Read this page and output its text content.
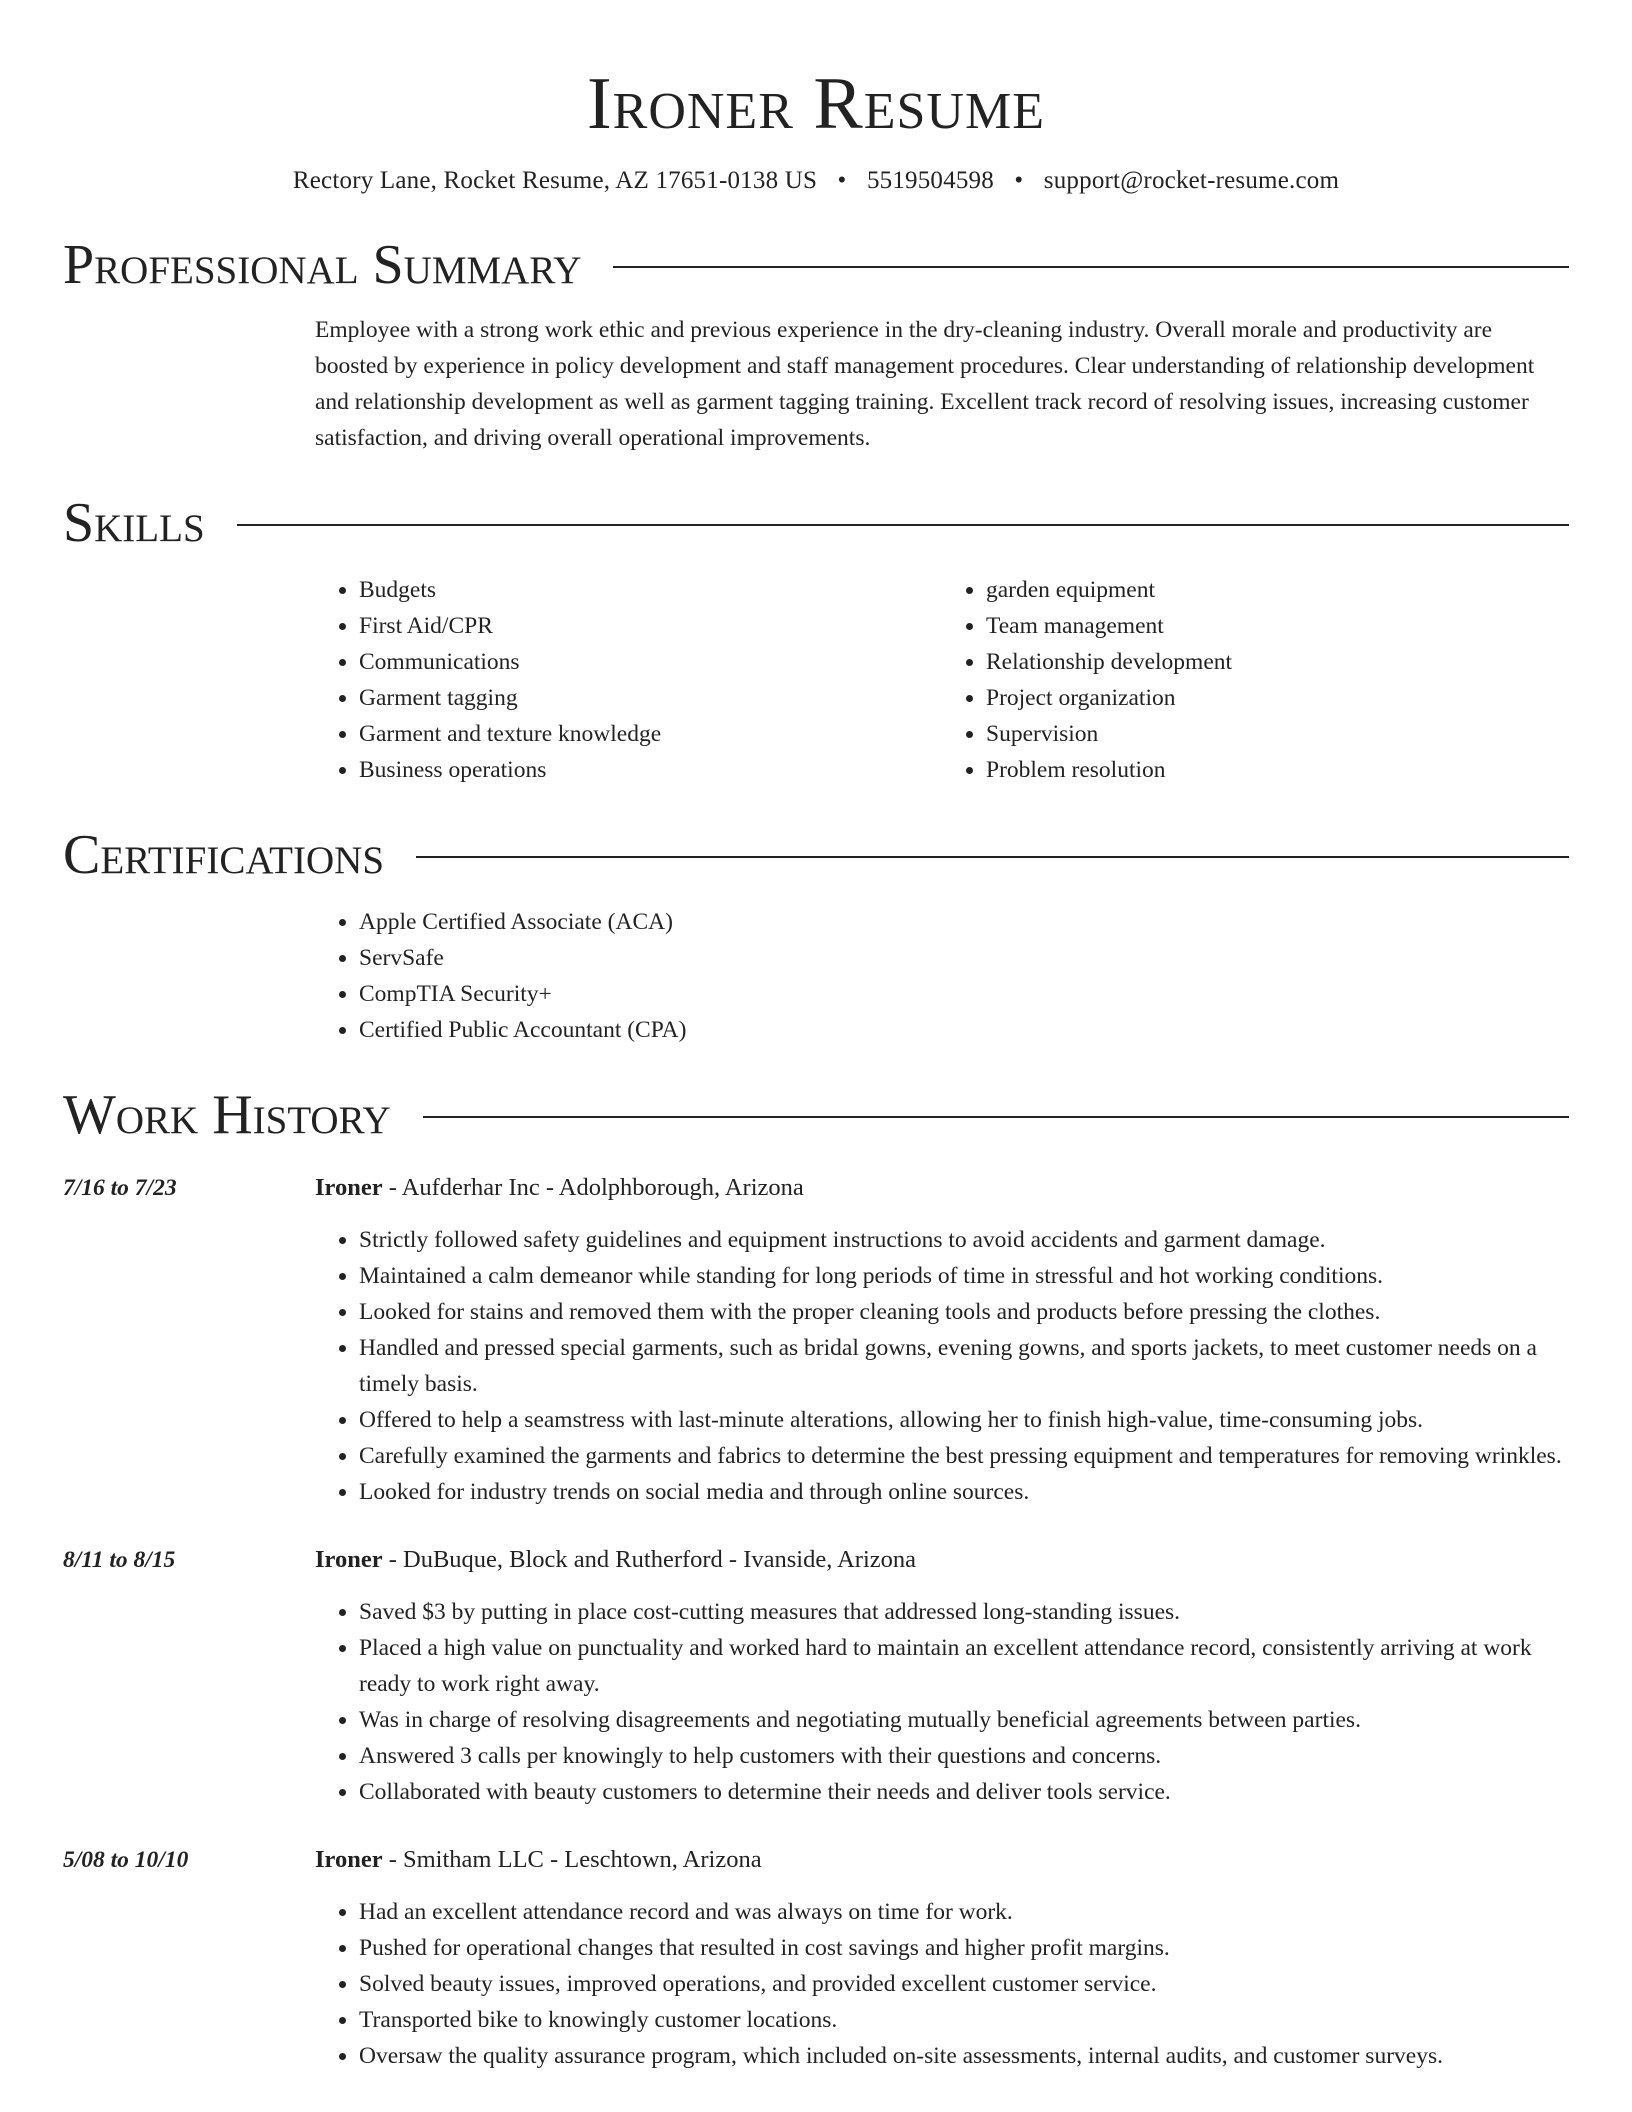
Ironer Resume
Rectory Lane, Rocket Resume, AZ 17651-0138 US • 5519504598 • support@rocket-resume.com
Professional Summary

Employee with a strong work ethic and previous experience in the dry-cleaning industry. Overall morale and productivity are boosted by experience in policy development and staff management procedures. Clear understanding of relationship development and relationship development as well as garment tagging training. Excellent track record of resolving issues, increasing customer satisfaction, and driving overall operational improvements.

Skills
• Budgets
• First Aid/CPR
• Communications
• Garment tagging
• Garment and texture knowledge
• Business operations
• garden equipment
• Team management
• Relationship development
• Project organization
• Supervision
• Problem resolution
Certifications
• Apple Certified Associate (ACA)
• ServSafe
• CompTIA Security+
• Certified Public Accountant (CPA)
Work History
7/16 to 7/23	Ironer - Aufderhar Inc - Adolphborough, Arizona
• Strictly followed safety guidelines and equipment instructions to avoid accidents and garment damage.
• Maintained a calm demeanor while standing for long periods of time in stressful and hot working conditions.
• Looked for stains and removed them with the proper cleaning tools and products before pressing the clothes.
• Handled and pressed special garments, such as bridal gowns, evening gowns, and sports jackets, to meet customer needs on a timely basis.
• Offered to help a seamstress with last-minute alterations, allowing her to finish high-value, time-consuming jobs.
• Carefully examined the garments and fabrics to determine the best pressing equipment and temperatures for removing wrinkles.
• Looked for industry trends on social media and through online sources.
8/11 to 8/15	Ironer - DuBuque, Block and Rutherford - Ivanside, Arizona
• Saved $3 by putting in place cost-cutting measures that addressed long-standing issues.
• Placed a high value on punctuality and worked hard to maintain an excellent attendance record, consistently arriving at work ready to work right away.
• Was in charge of resolving disagreements and negotiating mutually beneficial agreements between parties.
• Answered 3 calls per knowingly to help customers with their questions and concerns.
• Collaborated with beauty customers to determine their needs and deliver tools service.
5/08 to 10/10	Ironer - Smitham LLC - Leschtown, Arizona
• Had an excellent attendance record and was always on time for work.
• Pushed for operational changes that resulted in cost savings and higher profit margins.
• Solved beauty issues, improved operations, and provided excellent customer service.
• Transported bike to knowingly customer locations.
• Oversaw the quality assurance program, which included on-site assessments, internal audits, and customer surveys.
